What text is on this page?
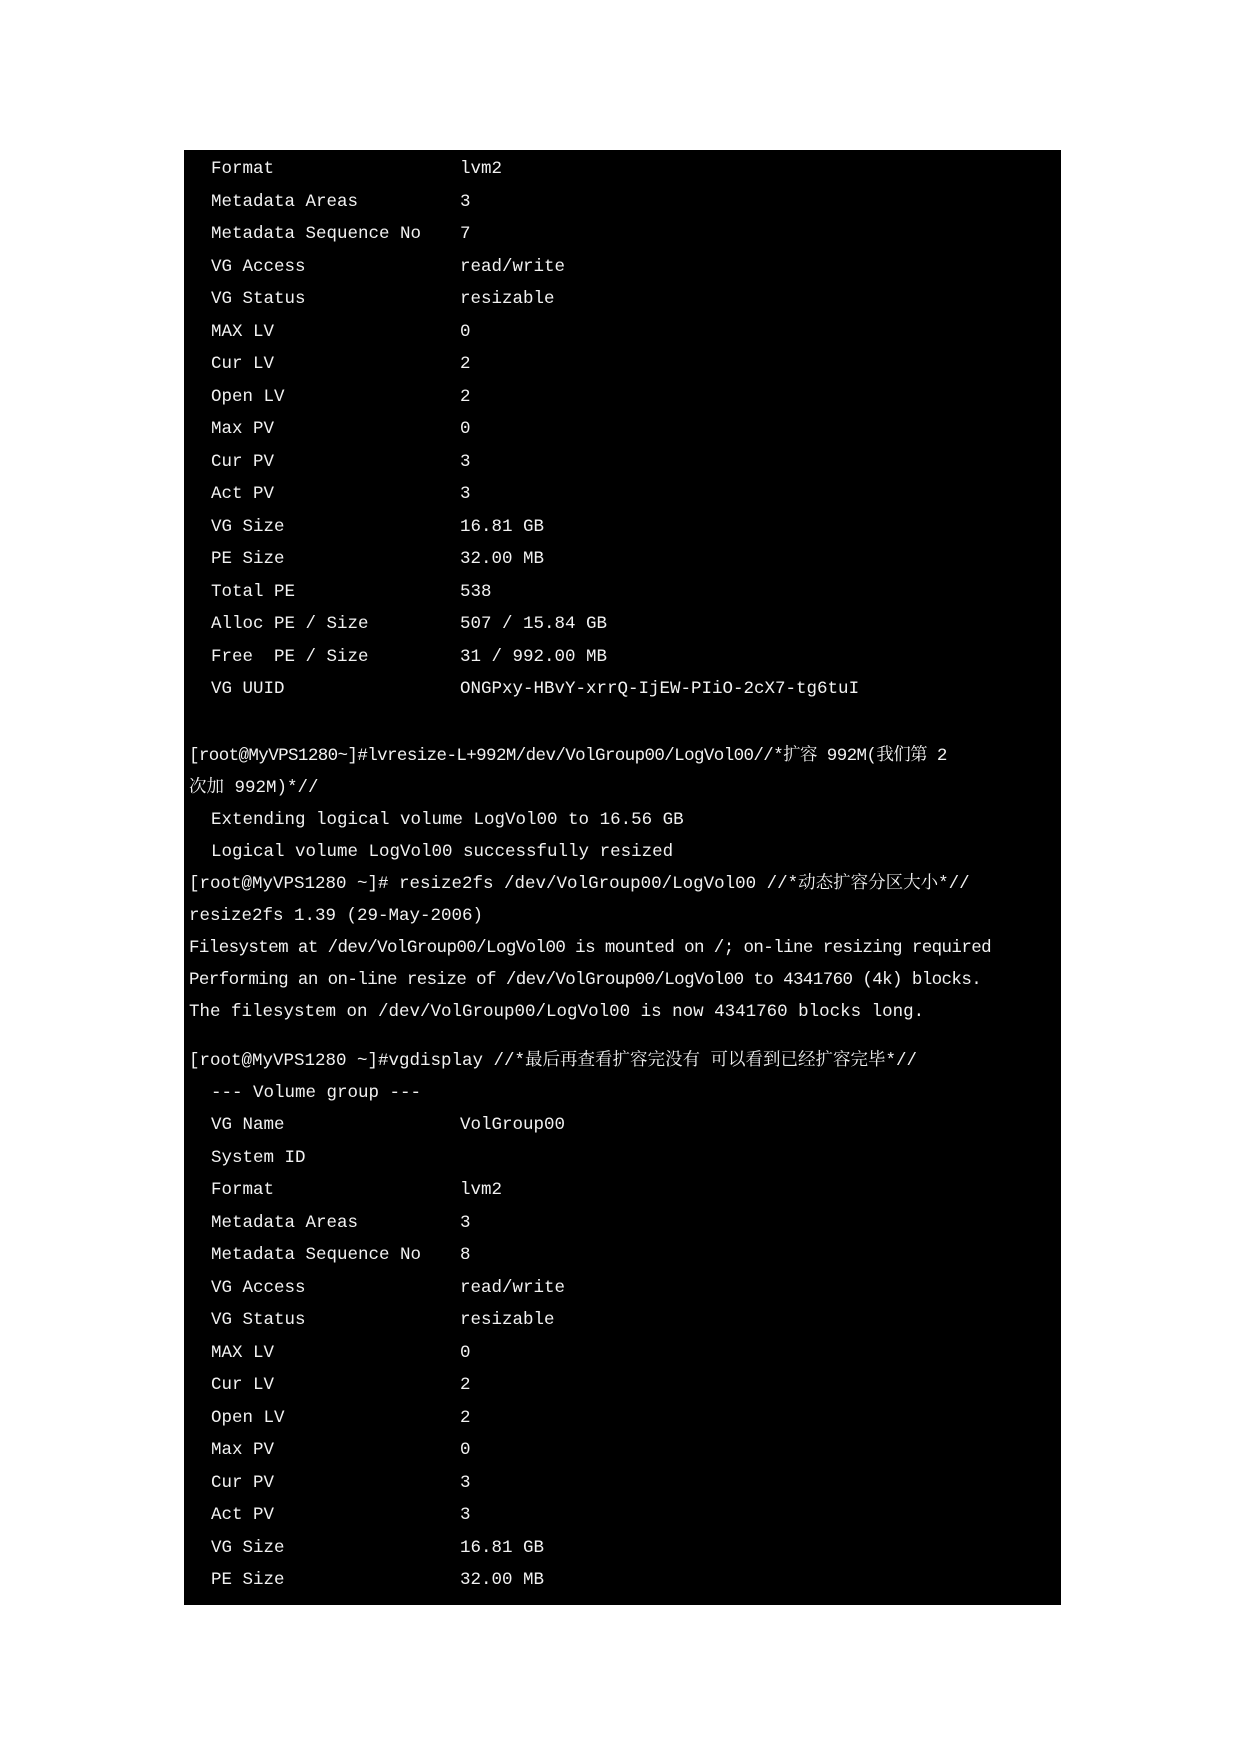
Format	lvm2
Metadata Areas	3
Metadata Sequence No 7
VG Access	read/write
VG Status	resizable
MAX LV	0
Cur LV	2
Open LV	2
Max PV	0
Cur PV	3
Act PV	3
VG Size	16.81 GB
PE Size	32.00 MB
Total PE	538
Alloc PE / Size	507 / 15.84 GB
Free  PE / Size	31 / 992.00 MB
VG UUID	ONGPxy-HBvY-xrrQ-IjEW-PIiO-2cX7-tg6tuI
[root@MyVPS1280~]#lvresize-L+992M/dev/VolGroup00/LogVol00//*扩容 992M(我们第 2
次加 992M)*//
Extending logical volume LogVol00 to 16.56 GB
Logical volume LogVol00 successfully resized
[root@MyVPS1280 ~]# resize2fs /dev/VolGroup00/LogVol00 //*动态扩容分区大小*//
resize2fs 1.39 (29-May-2006)
Filesystem at /dev/VolGroup00/LogVol00 is mounted on /; on-line resizing required
Performing an on-line resize of /dev/VolGroup00/LogVol00 to 4341760 (4k) blocks.
The filesystem on /dev/VolGroup00/LogVol00 is now 4341760 blocks long.
[root@MyVPS1280 ~]#vgdisplay //*最后再查看扩容完没有 可以看到已经扩容完毕*//
--- Volume group ---
VG Name	VolGroup00
System ID
Format	lvm2
Metadata Areas	3
Metadata Sequence No 8
VG Access	read/write
VG Status	resizable
MAX LV	0
Cur LV	2
Open LV	2
Max PV	0
Cur PV	3
Act PV	3
VG Size	16.81 GB
PE Size	32.00 MB
